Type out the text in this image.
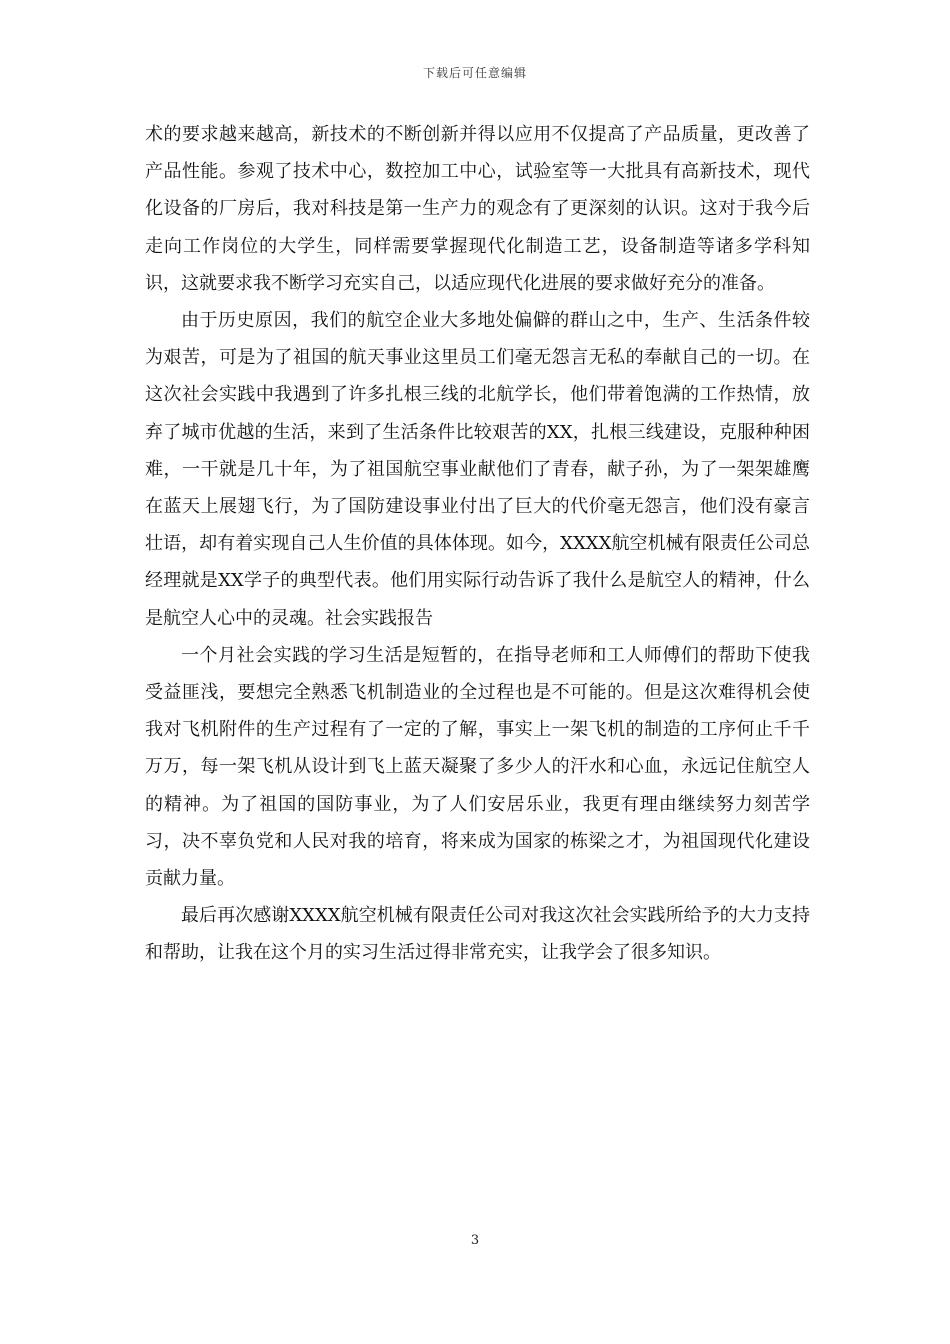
下载后可任意编辑

术的要求越来越高，新技术的不断创新并得以应用不仅提高了产品质量，更改善了产品性能。参观了技术中心，数控加工中心，试验室等一大批具有高新技术，现代化设备的厂房后，我对科技是第一生产力的观念有了更深刻的认识。这对于我今后走向工作岗位的大学生，同样需要掌握现代化制造工艺，设备制造等诸多学科知识，这就要求我不断学习充实自己，以适应现代化进展的要求做好充分的准备。

由于历史原因，我们的航空企业大多地处偏僻的群山之中，生产、生活条件较为艰苦，可是为了祖国的航天事业这里员工们毫无怨言无私的奉献自己的一切。在这次社会实践中我遇到了许多扎根三线的北航学长，他们带着饱满的工作热情，放弃了城市优越的生活，来到了生活条件比较艰苦的XX，扎根三线建设，克服种种困难，一干就是几十年，为了祖国航空事业献他们了青春，献子孙，为了一架架雄鹰在蓝天上展翅飞行，为了国防建设事业付出了巨大的代价毫无怨言，他们没有豪言壮语，却有着实现自己人生价值的具体体现。如今，XXXX航空机械有限责任公司总经理就是XX学子的典型代表。他们用实际行动告诉了我什么是航空人的精神，什么是航空人心中的灵魂。社会实践报告

一个月社会实践的学习生活是短暂的，在指导老师和工人师傅们的帮助下使我受益匪浅，要想完全熟悉飞机制造业的全过程也是不可能的。但是这次难得机会使我对飞机附件的生产过程有了一定的了解，事实上一架飞机的制造的工序何止千千万万，每一架飞机从设计到飞上蓝天凝聚了多少人的汗水和心血，永远记住航空人的精神。为了祖国的国防事业，为了人们安居乐业，我更有理由继续努力刻苦学习，决不辜负党和人民对我的培育，将来成为国家的栋梁之才，为祖国现代化建设贡献力量。

最后再次感谢XXXX航空机械有限责任公司对我这次社会实践所给予的大力支持和帮助，让我在这个月的实习生活过得非常充实，让我学会了很多知识。

3
